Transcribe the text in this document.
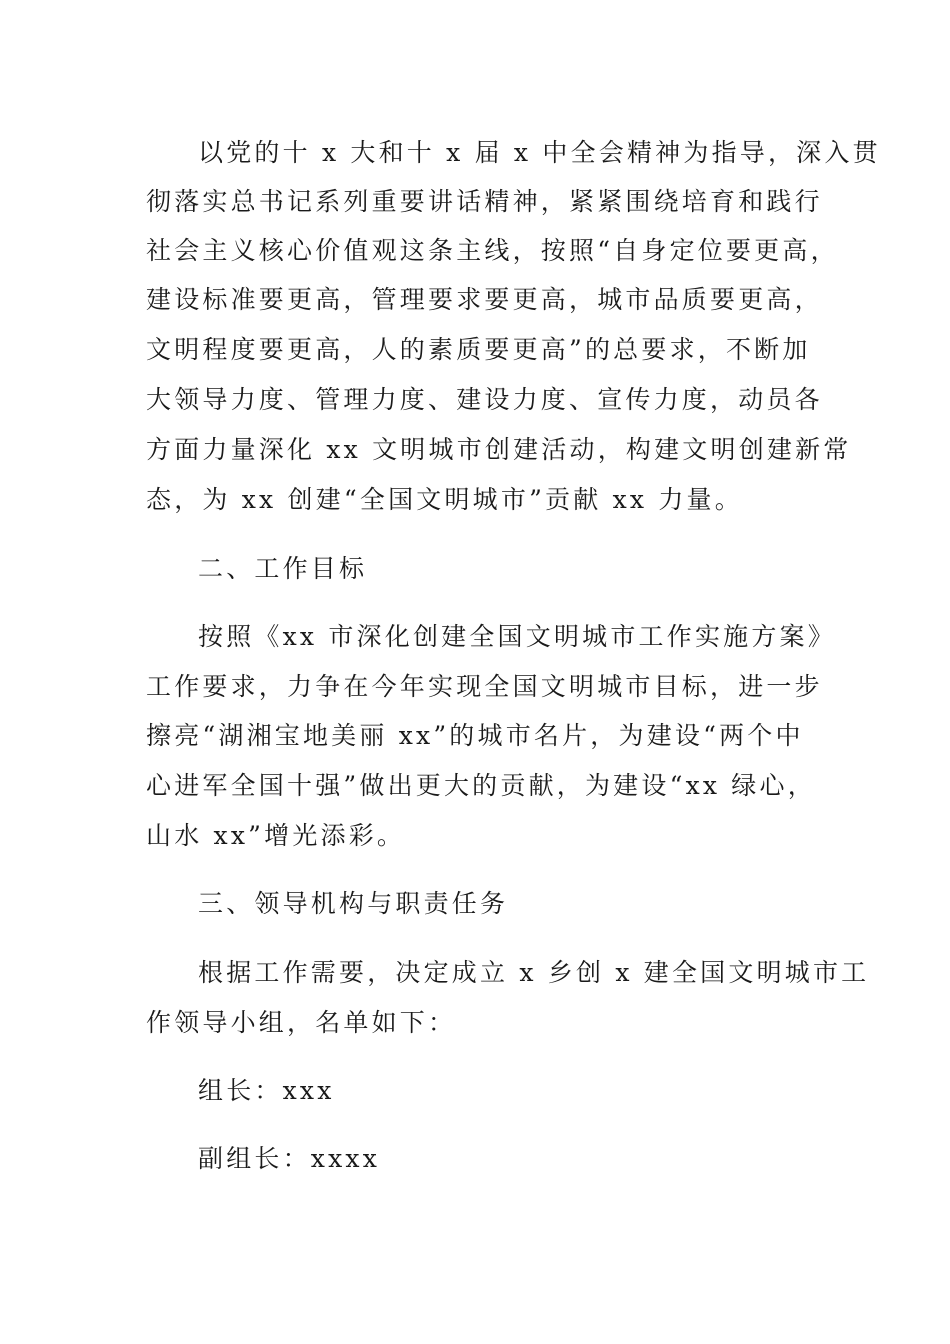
以党的十 x 大和十 x 届 x 中全会精神为指导，深入贯
彻落实总书记系列重要讲话精神，紧紧围绕培育和践行
社会主义核心价值观这条主线，按照“自身定位要更高，
建设标准要更高，管理要求要更高，城市品质要更高，
文明程度要更高，人的素质要更高”的总要求，不断加
大领导力度、管理力度、建设力度、宣传力度，动员各
方面力量深化 xx 文明城市创建活动，构建文明创建新常
态，为 xx 创建“全国文明城市”贡献 xx 力量。
二、工作目标
按照《xx 市深化创建全国文明城市工作实施方案》
工作要求，力争在今年实现全国文明城市目标，进一步
擦亮“湖湘宝地美丽 xx”的城市名片，为建设“两个中
心进军全国十强”做出更大的贡献，为建设“xx 绿心，
山水 xx”增光添彩。
三、领导机构与职责任务
根据工作需要，决定成立 x 乡创 x 建全国文明城市工
作领导小组，名单如下：
组长：xxx
副组长：xxxx
